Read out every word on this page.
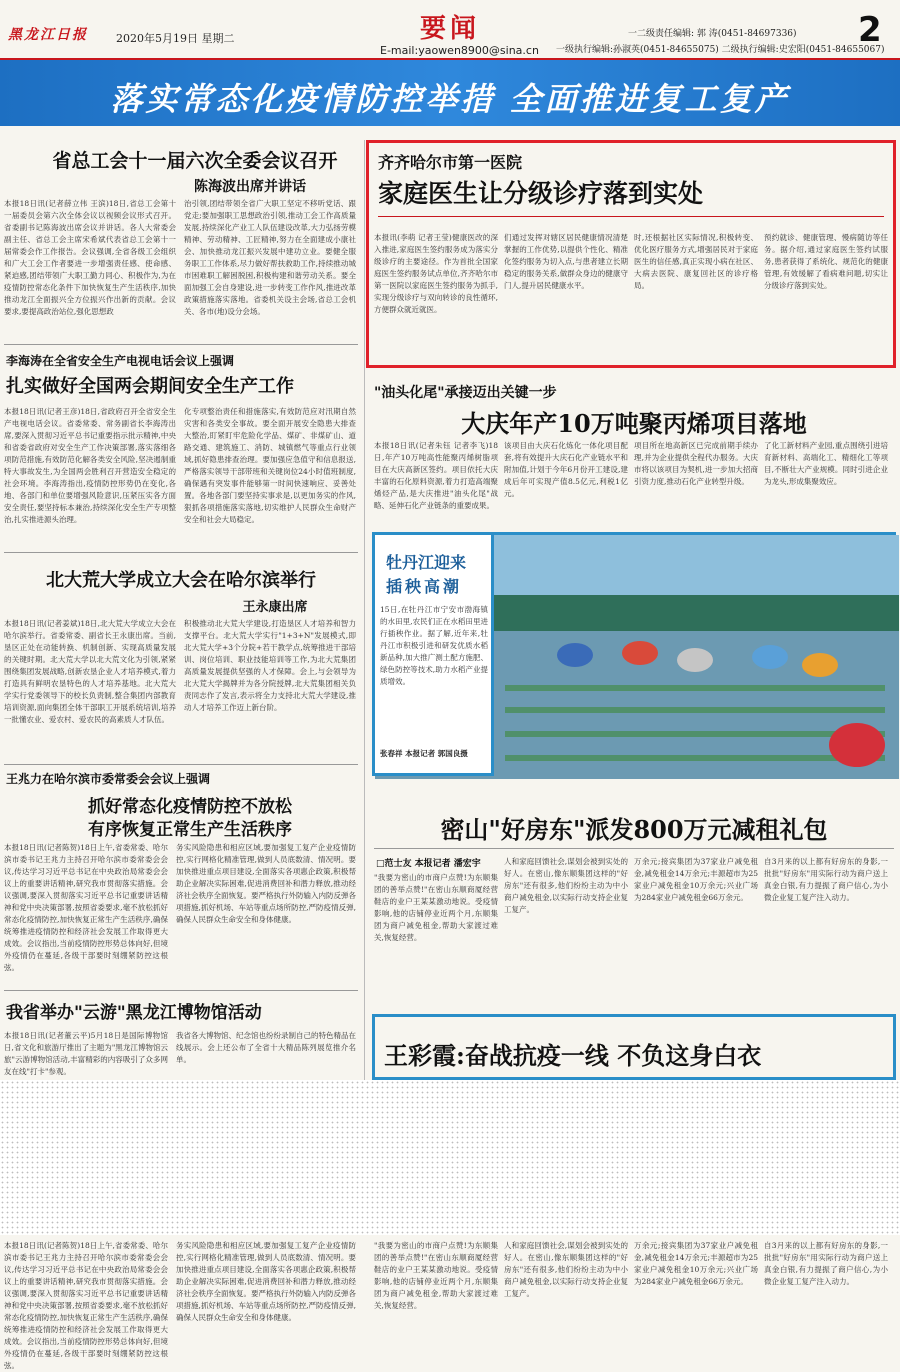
黑龙江日报	2020年5月19日 星期二	要闻
E-mail:yaowen8900@sina.cn
一二级责任编辑: 郭 涛(0451-84697336)
一级执行编辑:孙淑英(0451-84655075) 二级执行编辑:史宏阳(0451-84655067)
2
落实常态化疫情防控举措 全面推进复工复产
省总工会十一届六次全委会议召开
陈海波出席并讲话
本报18日讯(记者薛立伟 王滨)18日,省总工会第十一届委员会第六次全体会议以视频会议形式召开。省委副书记陈海波出席会议并讲话。各人大常委会副主任、省总工会主席宋希斌代表省总工会第十一届常委会作工作报告。会议强调,全省各级工会组织和广大工会工作者要进一步增强责任感、使命感、紧迫感,团结带领广大职工勤力同心、积极作为,为在疫情防控常态化条件下加快恢复生产生活秩序,加快推动龙江全面振兴全方位振兴作出新的贡献。会议要求,要提高政治站位,强化思想政
治引领,团结带领全省广大职工坚定不移听党话、跟党走;要加强职工思想政治引领,推动工会工作高质量发展,持续深化产业工人队伍建设改革,大力弘扬劳模精神、劳动精神、工匠精神,努力在全面建成小康社会、加快推动龙江振兴发展中建功立业。要健全服务职工工作体系,尽力做好帮扶救助工作,持续推动城市困难职工解困脱困,积极构建和谐劳动关系。要全面加强工会自身建设,进一步转变工作作风,推进改革政策措施落实落地。省委机关设主会场,省总工会机关、各市(地)设分会场。
李海涛在全省安全生产电视电话会议上强调
扎实做好全国两会期间安全生产工作
本报18日讯(记者王彦)18日,省政府召开全省安全生产电视电话会议。省委常委、常务副省长李海涛出席,要深入贯彻习近平总书记重要指示批示精神,中央和省委省政府对安全生产工作决策部署,落实落细各项防范措施,有效防范化解各类安全风险,坚决遏制重特大事故发生,为全国两会胜利召开营造安全稳定的社会环境。李海涛指出,疫情防控形势仍在变化,各地、各部门和单位要增强风险意识,压紧压实各方面安全责任,要坚持标本兼治,持续深化安全生产专项整治,扎实推进源头治理。
化专项整治责任和措施落实,有效防范应对汛期自然灾害和各类安全事故。要全面开展安全隐患大排查大整治,盯紧盯牢危险化学品、煤矿、非煤矿山、道路交通、建筑施工、消防、城镇燃气等重点行业领域,抓好隐患排查治理。要加强应急值守和信息报送,严格落实领导干部带班和关键岗位24小时值班制度,确保遇有突发事件能够第一时间快速响应、妥善处置。各地各部门要坚持实事求是,以更加务实的作风,狠抓各项措施落实落地,切实维护人民群众生命财产安全和社会大局稳定。
北大荒大学成立大会在哈尔滨举行
王永康出席
本报18日讯(记者姜斌)18日,北大荒大学成立大会在哈尔滨举行。省委常委、副省长王永康出席。当前,垦区正处在动能转换、机制创新、实现高质量发展的关键时期。北大荒大学以北大荒文化为引领,紧紧围绕集团发展战略,创新农垦企业人才培养模式,着力打造具有鲜明农垦特色的人才培养基地。北大荒大学实行党委领导下的校长负责制,整合集团内部教育培训资源,面向集团全体干部职工开展系统培训,培养一批懂农业、爱农村、爱农民的高素质人才队伍。
积极推动北大荒大学建设,打造垦区人才培养和智力支撑平台。北大荒大学实行"1+3+N"发展模式,即北大荒大学+3个分院+若干教学点,统筹推进干部培训、岗位培训、职业技能培训等工作,为北大荒集团高质量发展提供坚强的人才保障。会上,与会领导为北大荒大学揭牌并为各分院授牌,北大荒集团相关负责同志作了发言,表示将全力支持北大荒大学建设,推动人才培养工作迈上新台阶。
王兆力在哈尔滨市委常委会会议上强调
抓好常态化疫情防控不放松
有序恢复正常生产生活秩序
本报18日讯(记者陈贺)18日上午,省委常委、哈尔滨市委书记王兆力主持召开哈尔滨市委常委会会议,传达学习习近平总书记在中央政治局常委会会议上的重要讲话精神,研究我市贯彻落实措施。会议强调,要深入贯彻落实习近平总书记重要讲话精神和党中央决策部署,按照省委要求,毫不放松抓好常态化疫情防控,加快恢复正常生产生活秩序,确保统筹推进疫情防控和经济社会发展工作取得更大成效。会议指出,当前疫情防控形势总体向好,但境外疫情仍在蔓延,各级干部要时刻绷紧防控这根弦。
务实风险隐患和相应区域,要加强复工复产企业疫情防控,实行网格化精准管理,做到人员底数清、情况明。要加快推进重点项目建设,全面落实各项惠企政策,积极帮助企业解决实际困难,促进消费回补和潜力释放,推动经济社会秩序全面恢复。要严格执行外防输入内防反弹各项措施,抓好机场、车站等重点场所防控,严防疫情反弹,确保人民群众生命安全和身体健康。
我省举办"云游"黑龙江博物馆活动
本报18日讯(记者董云平)5月18日是国际博物馆日,省文化和旅游厅推出了主题为"黑龙江博物馆云旅"云游博物馆活动,丰富精彩的内容吸引了众多网友在线"打卡"参观。
我省各大博物馆、纪念馆也纷纷录制自己的特色精品在线展示。会上还公布了全省十大精品陈列展览推介名单。
齐齐哈尔市第一医院
家庭医生让分级诊疗落到实处
本报讯(李萌 记者王莹)健康医改的深入推进,家庭医生签约服务成为落实分级诊疗的主要途径。作为首批全国家庭医生签约服务试点单位,齐齐哈尔市第一医院以家庭医生签约服务为抓手,实现分级诊疗与双向转诊的良性循环,方便群众就近就医。
们通过发挥对辖区居民健康情况清楚掌握的工作优势,以提供个性化、精准化签约服务为切入点,与患者建立长期稳定的服务关系,做群众身边的健康守门人,提升居民健康水平。
时,还根据社区实际情况,积极转变、优化医疗服务方式,增强居民对于家庭医生的信任感,真正实现小病在社区、大病去医院、康复回社区的诊疗格局。
预约就诊、健康管理、慢病随访等任务。据介绍,通过家庭医生签约试服务,患者获得了系统化、规范化的健康管理,有效缓解了看病难问题,切实让分级诊疗落到实处。
"油头化尾"承接迈出关键一步
大庆年产10万吨聚丙烯项目落地
本报18日讯(记者朱钰 记者李飞)18日,年产10万吨高性能聚丙烯树脂项目在大庆高新区签约。项目依托大庆丰富的石化原料资源,着力打造高端聚烯烃产品,是大庆推进"油头化尾"战略、延伸石化产业链条的重要成果。
该项目由大庆石化炼化一体化项目配套,将有效提升大庆石化产业链水平和附加值,计划于今年6月份开工建设,建成后年可实现产值8.5亿元,利税1亿元。
项目所在地高新区已完成前期手续办理,并为企业提供全程代办服务。大庆市将以该项目为契机,进一步加大招商引资力度,推动石化产业转型升级。
了化工新材料产业园,重点围绕引进培育新材料、高端化工、精细化工等项目,不断壮大产业规模。同时引进企业为龙头,形成集聚效应。
牡丹江迎来
插秧高潮
15日,在牡丹江市宁安市渤海镇的水田里,农民们正在水稻田里进行插秧作业。据了解,近年来,牡丹江市积极引进和研发优质水稻新品种,加大推广测土配方施肥、绿色防控等技术,助力水稻产业提质增效。
张春祥 本报记者 郭国良摄
密山"好房东"派发800万元减租礼包
□范士友 本报记者 潘宏宇
"我要为密山的市商户点赞!为东顺集团的善举点赞!"在密山东顺商厦经营鞋店的业户王某某激动地说。受疫情影响,他的店铺停业近两个月,东顺集团为商户减免租金,帮助大家渡过难关,恢复经营。
人和家庭回馈社会,谋划会被到实处的好人。在密山,像东顺集团这样的"好房东"还有很多,他们纷纷主动为中小商户减免租金,以实际行动支持企业复工复产。
万余元;接宾集团为37家业户减免租金,减免租金14万余元;丰源超市为25家业户减免租金10万余元;兴业广场为284家业户减免租金66万余元。
自3月来的以上都有好房东的身影,一批批"好房东"用实际行动为商户送上真金白银,有力提振了商户信心,为小微企业复工复产注入动力。
王彩霞:奋战抗疫一线 不负这身白衣
本报18日讯(记者陈贺)18日上午,省委常委、哈尔滨市委书记王兆力主持召开哈尔滨市委常委会会议,传达学习习近平总书记在中央政治局常委会会议上的重要讲话精神,研究我市贯彻落实措施。会议强调,要深入贯彻落实习近平总书记重要讲话精神和党中央决策部署,按照省委要求,毫不放松抓好常态化疫情防控,加快恢复正常生产生活秩序,确保统筹推进疫情防控和经济社会发展工作取得更大成效。会议指出,当前疫情防控形势总体向好,但境外疫情仍在蔓延,各级干部要时刻绷紧防控这根弦。
务实风险隐患和相应区域,要加强复工复产企业疫情防控,实行网格化精准管理,做到人员底数清、情况明。要加快推进重点项目建设,全面落实各项惠企政策,积极帮助企业解决实际困难,促进消费回补和潜力释放,推动经济社会秩序全面恢复。要严格执行外防输入内防反弹各项措施,抓好机场、车站等重点场所防控,严防疫情反弹,确保人民群众生命安全和身体健康。
"我要为密山的市商户点赞!为东顺集团的善举点赞!"在密山东顺商厦经营鞋店的业户王某某激动地说。受疫情影响,他的店铺停业近两个月,东顺集团为商户减免租金,帮助大家渡过难关,恢复经营。
人和家庭回馈社会,谋划会被到实处的好人。在密山,像东顺集团这样的"好房东"还有很多,他们纷纷主动为中小商户减免租金,以实际行动支持企业复工复产。
万余元;接宾集团为37家业户减免租金,减免租金14万余元;丰源超市为25家业户减免租金10万余元;兴业广场为284家业户减免租金66万余元。
自3月来的以上都有好房东的身影,一批批"好房东"用实际行动为商户送上真金白银,有力提振了商户信心,为小微企业复工复产注入动力。
